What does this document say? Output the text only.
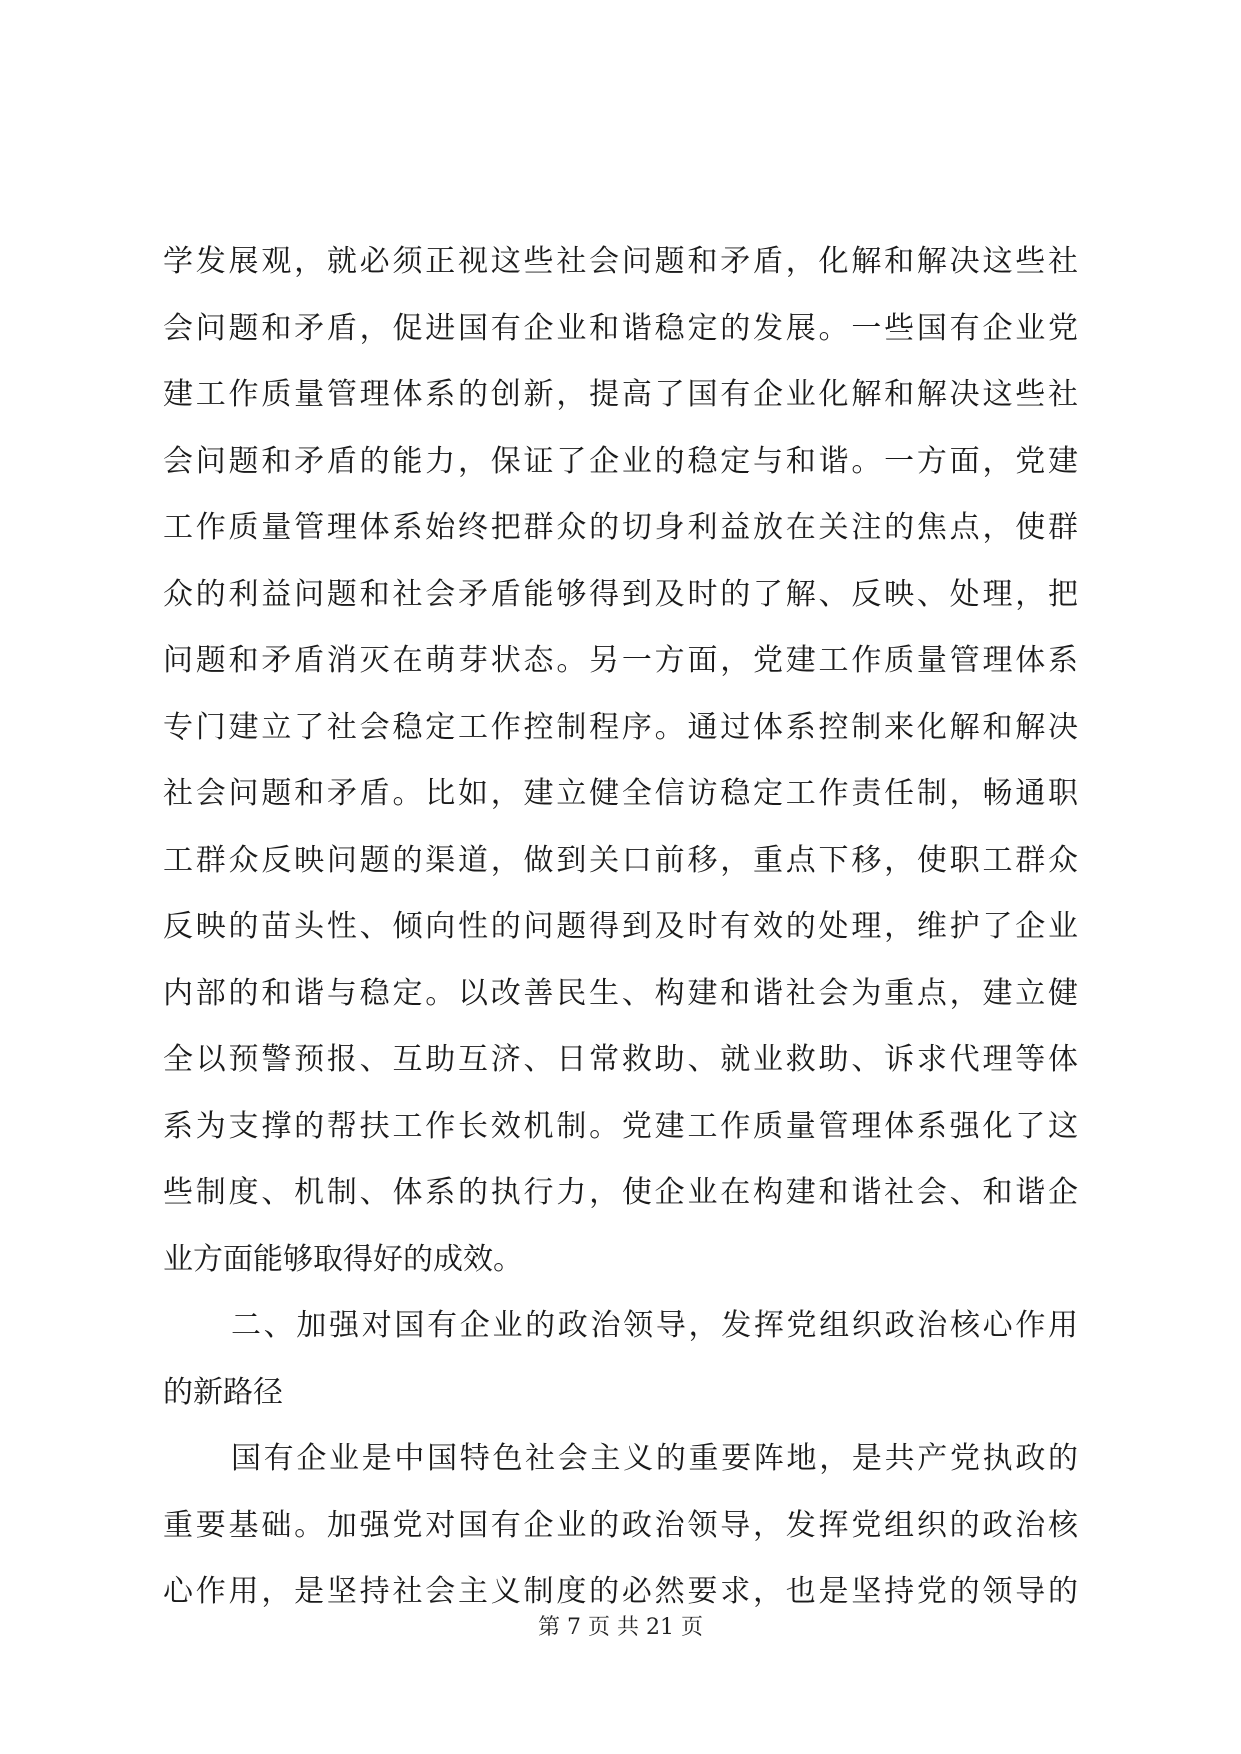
学发展观，就必须正视这些社会问题和矛盾，化解和解决这些社
会问题和矛盾，促进国有企业和谐稳定的发展。一些国有企业党
建工作质量管理体系的创新，提高了国有企业化解和解决这些社
会问题和矛盾的能力，保证了企业的稳定与和谐。一方面，党建
工作质量管理体系始终把群众的切身利益放在关注的焦点，使群
众的利益问题和社会矛盾能够得到及时的了解、反映、处理，把
问题和矛盾消灭在萌芽状态。另一方面，党建工作质量管理体系
专门建立了社会稳定工作控制程序。通过体系控制来化解和解决
社会问题和矛盾。比如，建立健全信访稳定工作责任制，畅通职
工群众反映问题的渠道，做到关口前移，重点下移，使职工群众
反映的苗头性、倾向性的问题得到及时有效的处理，维护了企业
内部的和谐与稳定。以改善民生、构建和谐社会为重点，建立健
全以预警预报、互助互济、日常救助、就业救助、诉求代理等体
系为支撑的帮扶工作长效机制。党建工作质量管理体系强化了这
些制度、机制、体系的执行力，使企业在构建和谐社会、和谐企
业方面能够取得好的成效。
二、加强对国有企业的政治领导，发挥党组织政治核心作用
的新路径
国有企业是中国特色社会主义的重要阵地，是共产党执政的
重要基础。加强党对国有企业的政治领导，发挥党组织的政治核
心作用，是坚持社会主义制度的必然要求，也是坚持党的领导的
第 7 页 共 21 页
